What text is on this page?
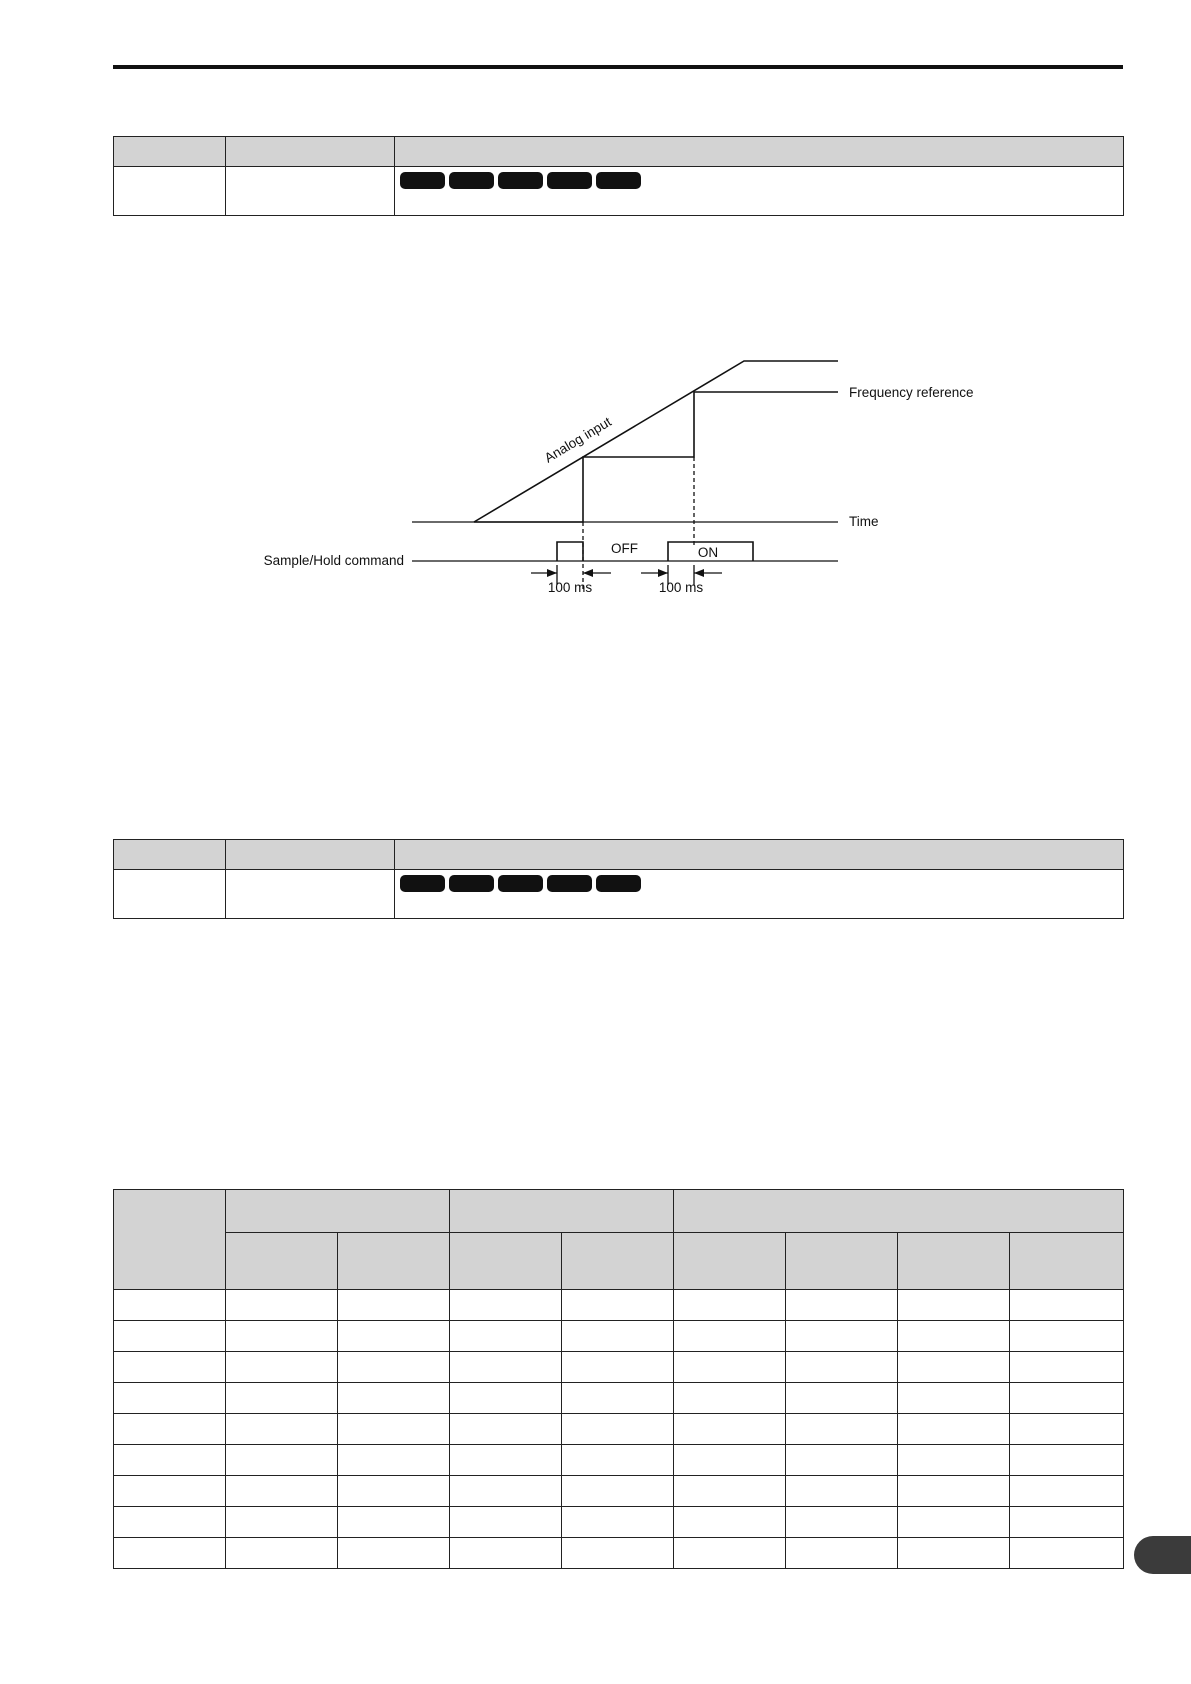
Analog input
Frequency reference
Time
Sample/Hold command
OFF	ON
100 ms	100 ms
